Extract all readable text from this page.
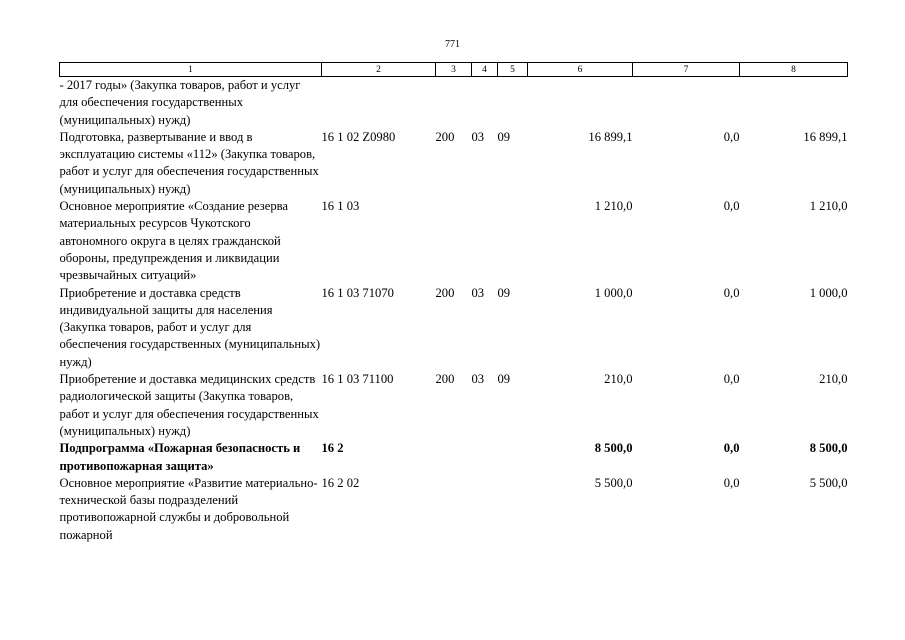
771
1	2	3	4	5	6	7	8
- 2017 годы» (Закупка товаров, работ и услуг для обеспечения государственных (муниципальных) нужд)							
Подготовка, развертывание и ввод в эксплуатацию системы «112» (Закупка товаров, работ и услуг для обеспечения государственных (муниципальных) нужд)	16 1 02 Z0980	200	03	09	16 899,1	0,0	16 899,1
Основное мероприятие «Создание резерва материальных ресурсов Чукотского автономного округа в целях гражданской обороны, предупреждения и ликвидации чрезвычайных ситуаций»	16 1 03				1 210,0	0,0	1 210,0
Приобретение и доставка средств индивидуальной защиты для населения (Закупка товаров, работ и услуг для обеспечения государственных (муниципальных) нужд)	16 1 03 71070	200	03	09	1 000,0	0,0	1 000,0
Приобретение и доставка медицинских средств радиологической защиты (Закупка товаров, работ и услуг для обеспечения государственных (муниципальных) нужд)	16 1 03 71100	200	03	09	210,0	0,0	210,0
Подпрограмма «Пожарная безопасность и противопожарная защита»	16 2				8 500,0	0,0	8 500,0
Основное мероприятие «Развитие материально-технической базы подразделений противопожарной службы и добровольной пожарной	16 2 02				5 500,0	0,0	5 500,0
